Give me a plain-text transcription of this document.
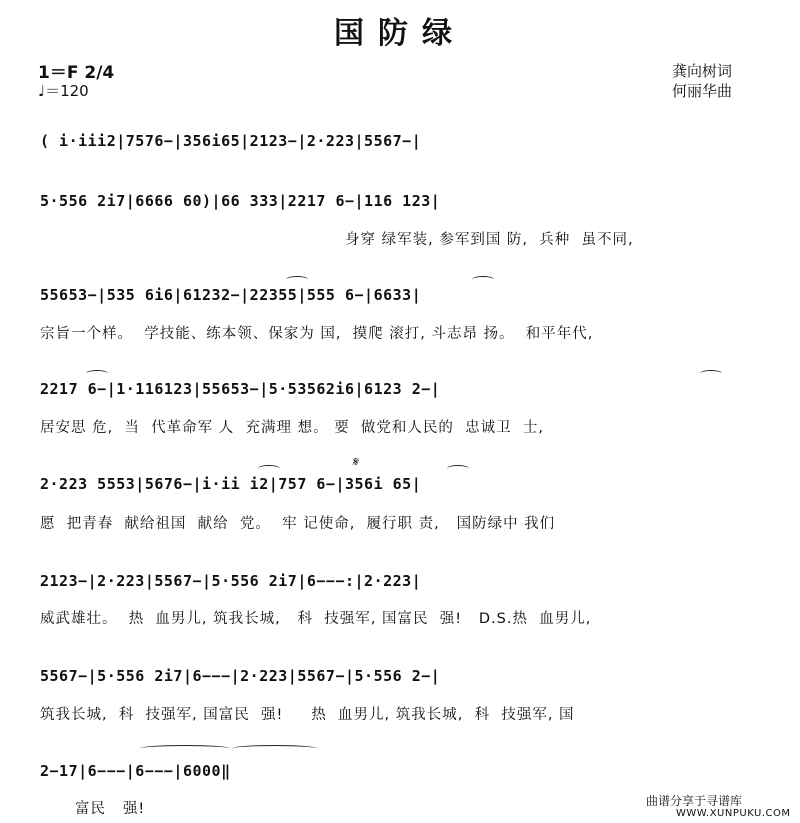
国防绿
1＝F 2/4
♩＝120
龚向树词
何丽华曲
( i·iii2|7576−|356i65|2123−|2·223|5567−|
5·556 2i7|6666 60)|66 333|2217 6−|116 123|
身穿 绿军装, 参军到国 防,  兵种  虽不同,
55653−|535 6i6|61232−|22355|555 6−|6633|
宗旨一个样。  学技能、练本领、保家为 国,  摸爬 滚打, 斗志昂 扬。  和平年代,
2217 6−|1·116123|55653−|5·53562i6|6123 2−|
居安思 危,  当  代革命军 人  充满理 想。 要  做党和人民的  忠诚卫  士,
𝄋
2·223 5553|5676−|i·ii i2|757 6−|356i 65|
愿  把青春  献给祖国  献给  党。  牢 记使命,  履行职 责,   国防绿中 我们
2123−|2·223|5567−|5·556 2i7|6−−−:|2·223|
威武雄壮。  热  血男儿, 筑我长城,   科  技强军, 国富民  强!   D.S.热  血男儿,
5567−|5·556 2i7|6−−−|2·223|5567−|5·556 2−|
筑我长城,  科  技强军, 国富民  强!     热  血男儿, 筑我长城,  科  技强军, 国
2−17|6−−−|6−−−|6000‖
富民   强!	曲谱分享于寻谱库
WWW.XUNPUKU.COM
